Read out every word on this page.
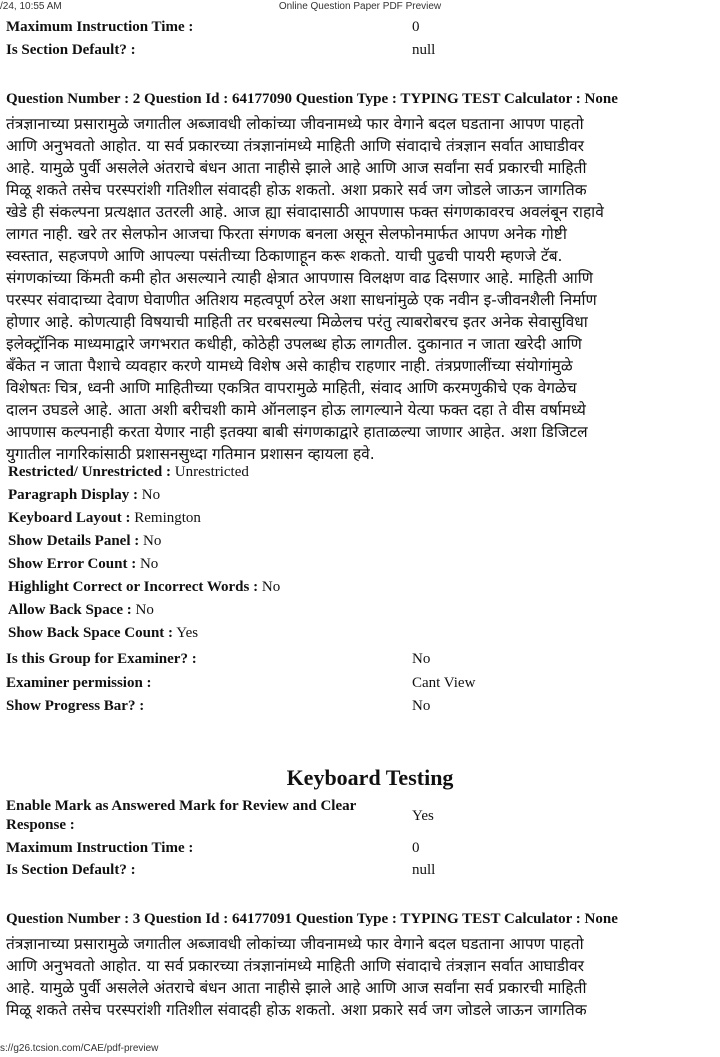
/24, 10:55 AM	Online Question Paper PDF Preview
Maximum Instruction Time :	0
Is Section Default? :	null
Question Number : 2 Question Id : 64177090 Question Type : TYPING TEST Calculator : None
तंत्रज्ञानाच्या प्रसारामुळे जगातील अब्जावधी लोकांच्या जीवनामध्ये फार वेगाने बदल घडताना आपण पाहतो
आणि अनुभवतो आहोत. या सर्व प्रकारच्या तंत्रज्ञानांमध्ये माहिती आणि संवादाचे तंत्रज्ञान सर्वात आघाडीवर
आहे. यामुळे पुर्वी असलेले अंतराचे बंधन आता नाहीसे झाले आहे आणि आज सर्वांना सर्व प्रकारची माहिती
मिळू शकते तसेच परस्परांशी गतिशील संवादही होऊ शकतो. अशा प्रकारे सर्व जग जोडले जाऊन जागतिक
खेडे ही संकल्पना प्रत्यक्षात उतरली आहे. आज ह्या संवादासाठी आपणास फक्त संगणकावरच अवलंबून राहावे
लागत नाही. खरे तर सेलफोन आजचा फिरता संगणक बनला असून सेलफोनमार्फत आपण अनेक गोष्टी
स्वस्तात, सहजपणे आणि आपल्या पसंतीच्या ठिकाणाहून करू शकतो. याची पुढची पायरी म्हणजे टॅब.
संगणकांच्या किंमती कमी होत असल्याने त्याही क्षेत्रात आपणास विलक्षण वाढ दिसणार आहे. माहिती आणि
परस्पर संवादाच्या देवाण घेवाणीत अतिशय महत्वपूर्ण ठरेल अशा साधनांमुळे एक नवीन इ-जीवनशैली निर्माण
होणार आहे. कोणत्याही विषयाची माहिती तर घरबसल्या मिळेलच परंतु त्याबरोबरच इतर अनेक सेवासुविधा
इलेक्ट्रॉनिक माध्यमाद्वारे जगभरात कधीही, कोठेही उपलब्ध होऊ लागतील. दुकानात न जाता खरेदी आणि
बँकेत न जाता पैशाचे व्यवहार करणे यामध्ये विशेष असे काहीच राहणार नाही. तंत्रप्रणालींच्या संयोगांमुळे
विशेषतः चित्र, ध्वनी आणि माहितीच्या एकत्रित वापरामुळे माहिती, संवाद आणि करमणुकीचे एक वेगळेच
दालन उघडले आहे. आता अशी बरीचशी कामे ऑनलाइन होऊ लागल्याने येत्या फक्त दहा ते वीस वर्षामध्ये
आपणास कल्पनाही करता येणार नाही इतक्या बाबी संगणकाद्वारे हाताळल्या जाणार आहेत. अशा डिजिटल
युगातील नागरिकांसाठी प्रशासनसुध्दा गतिमान प्रशासन व्हायला हवे.
Restricted/ Unrestricted : Unrestricted
Paragraph Display : No
Keyboard Layout : Remington
Show Details Panel : No
Show Error Count : No
Highlight Correct or Incorrect Words : No
Allow Back Space : No
Show Back Space Count : Yes
Is this Group for Examiner? :	No
Examiner permission :	Cant View
Show Progress Bar? :	No
Keyboard Testing
Enable Mark as Answered Mark for Review and Clear
Response :
Yes
Maximum Instruction Time :	0
Is Section Default? :	null
Question Number : 3 Question Id : 64177091 Question Type : TYPING TEST Calculator : None
तंत्रज्ञानाच्या प्रसारामुळे जगातील अब्जावधी लोकांच्या जीवनामध्ये फार वेगाने बदल घडताना आपण पाहतो
आणि अनुभवतो आहोत. या सर्व प्रकारच्या तंत्रज्ञानांमध्ये माहिती आणि संवादाचे तंत्रज्ञान सर्वात आघाडीवर
आहे. यामुळे पुर्वी असलेले अंतराचे बंधन आता नाहीसे झाले आहे आणि आज सर्वांना सर्व प्रकारची माहिती
मिळू शकते तसेच परस्परांशी गतिशील संवादही होऊ शकतो. अशा प्रकारे सर्व जग जोडले जाऊन जागतिक
s://g26.tcsion.com/CAE/pdf-preview
